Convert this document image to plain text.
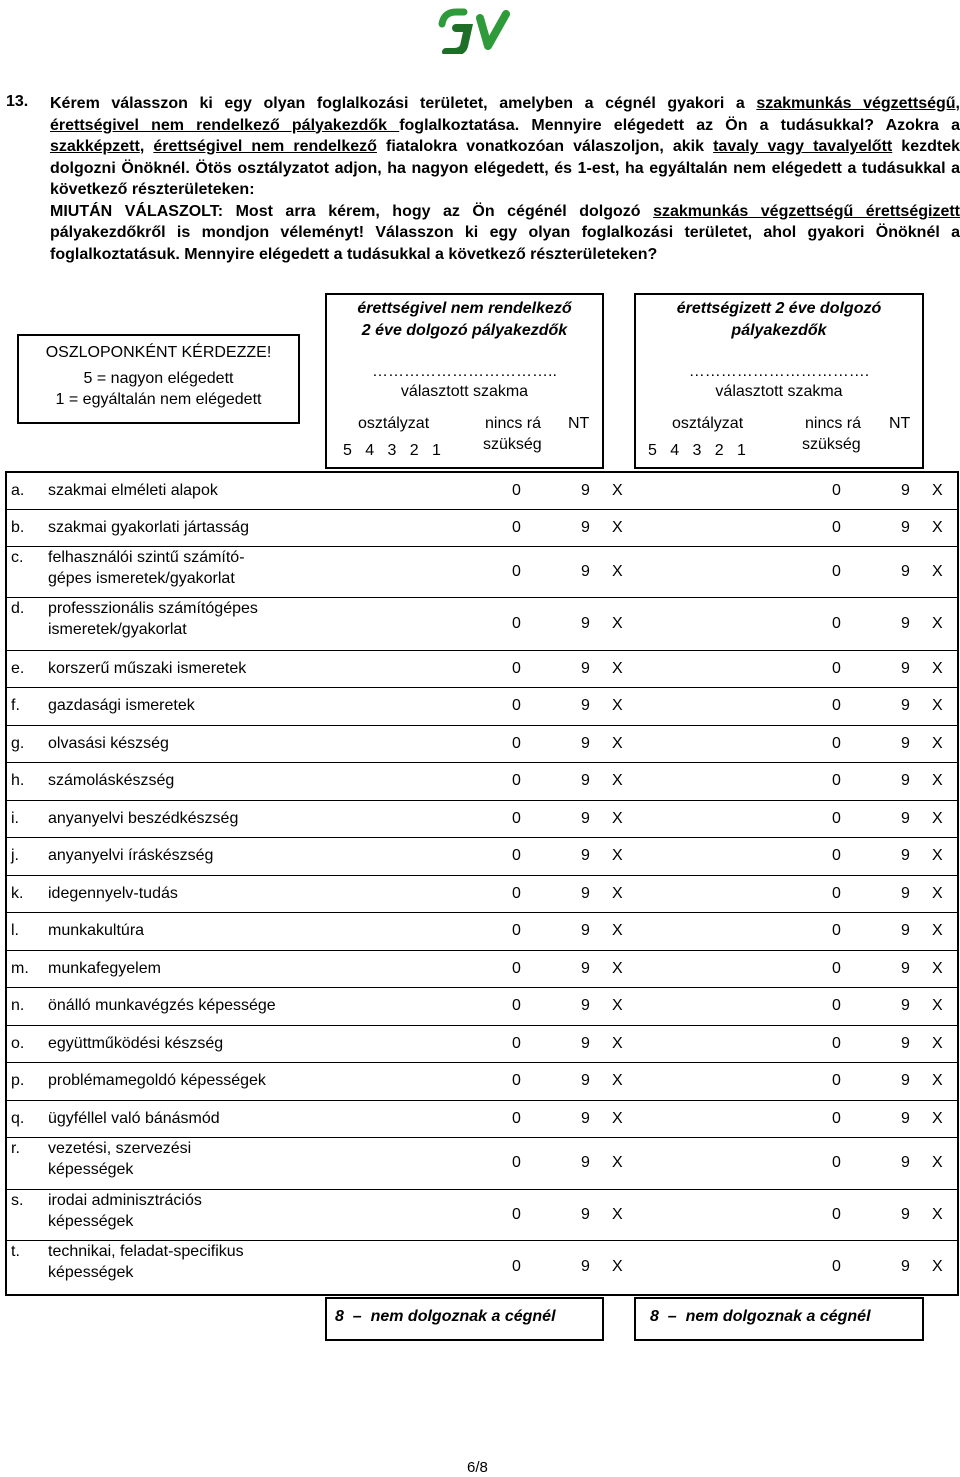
13. Kérem válasszon ki egy olyan foglalkozási területet, amelyben a cégnél gyakori a szakmunkás végzettségű, érettségivel nem rendelkező pályakezdők foglalkoztatása. Mennyire elégedett az Ön a tudásukkal? Azokra a szakképzett, érettségivel nem rendelkező fiatalokra vonatkozóan válaszoljon, akik tavaly vagy tavalyelőtt kezdtek dolgozni Önöknél. Ötös osztályzatot adjon, ha nagyon elégedett, és 1-est, ha egyáltalán nem elégedett a tudásukkal a következő részterületeken:
MIUTÁN VÁLASZOLT: Most arra kérem, hogy az Ön cégénél dolgozó szakmunkás végzettségű érettségizett pályakezdőkről is mondjon véleményt! Válasszon ki egy olyan foglalkozási területet, ahol gyakori Önöknél a foglalkoztatásuk. Mennyire elégedett a tudásukkal a következő részterületeken?
OSZLOPONKÉNT KÉRDEZZE!
5 = nagyon elégedett
1 = egyáltalán nem elégedett
érettségivel nem rendelkező
2 éve dolgozó pályakezdők
……………………………..
választott szakma
osztályzat
5   4   3   2   1
nincs rá
szükség
NT
érettségizett 2 éve dolgozó
pályakezdők
…………………………….
választott szakma
osztályzat
5   4   3   2   1
nincs rá
szükség
NT
a. szakmai elméleti alapok	0	9 X	0	9 X
b. szakmai gyakorlati jártasság	0	9 X	0	9 X
c. felhasználói szintű számító-
gépes ismeretek/gyakorlat	0	9 X	0	9 X
d. professzionális számítógépes
ismeretek/gyakorlat	0	9 X	0	9 X
e. korszerű műszaki ismeretek	0	9 X	0	9 X
f. gazdasági ismeretek	0	9 X	0	9 X
g. olvasási készség	0	9 X	0	9 X
h. számoláskészség	0	9 X	0	9 X
i. anyanyelvi beszédkészség	0	9 X	0	9 X
j. anyanyelvi íráskészség	0	9 X	0	9 X
k. idegennyelv-tudás	0	9 X	0	9 X
l. munkakultúra	0	9 X	0	9 X
m. munkafegyelem	0	9 X	0	9 X
n. önálló munkavégzés képessége	0	9 X	0	9 X
o. együttműködési készség	0	9 X	0	9 X
p. problémamegoldó képességek	0	9 X	0	9 X
q. ügyféllel való bánásmód	0	9 X	0	9 X
r. vezetési, szervezési
képességek	0	9 X	0	9 X
s. irodai adminisztrációs
képességek	0	9 X	0	9 X
t. technikai, feladat-specifikus
képességek	0	9 X	0	9 X
8  –  nem dolgoznak a cégnél	8  –  nem dolgoznak a cégnél
6/8
